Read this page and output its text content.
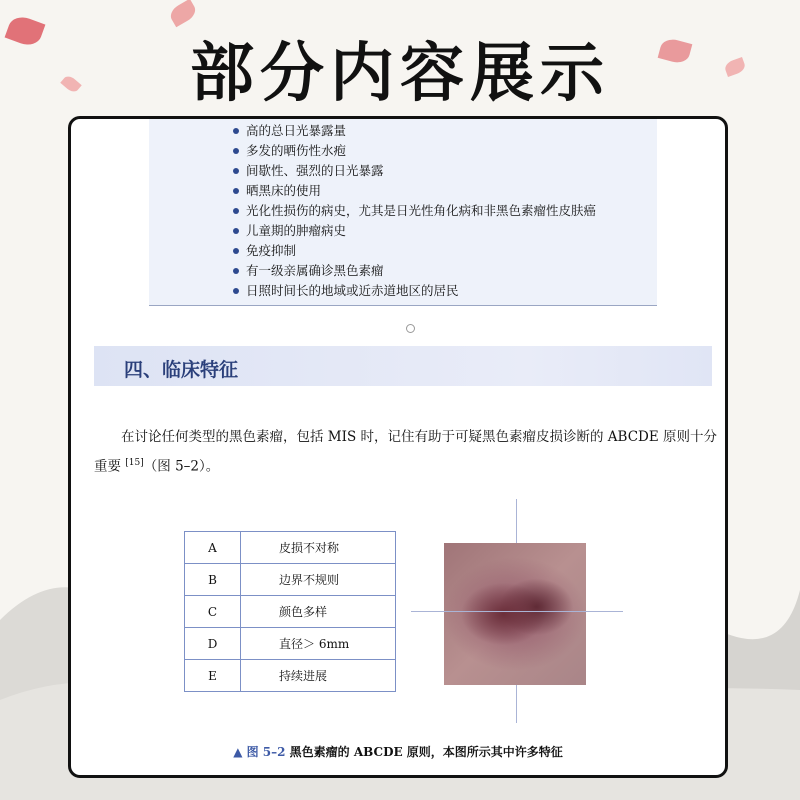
部分内容展示
高的总日光暴露量
多发的晒伤性水疱
间歇性、强烈的日光暴露
晒黑床的使用
光化性损伤的病史，尤其是日光性角化病和非黑色素瘤性皮肤癌
儿童期的肿瘤病史
免疫抑制
有一级亲属确诊黑色素瘤
日照时间长的地域或近赤道地区的居民
四、临床特征

在讨论任何类型的黑色素瘤，包括 MIS 时，记住有助于可疑黑色素瘤皮损诊断的 ABCDE 原则十分重要 [15]（图 5–2）。

A	皮损不对称
B	边界不规则
C	颜色多样
D	直径＞ 6mm
E	持续进展
▲ 图 5–2 黑色素瘤的 ABCDE 原则，本图所示其中许多特征
